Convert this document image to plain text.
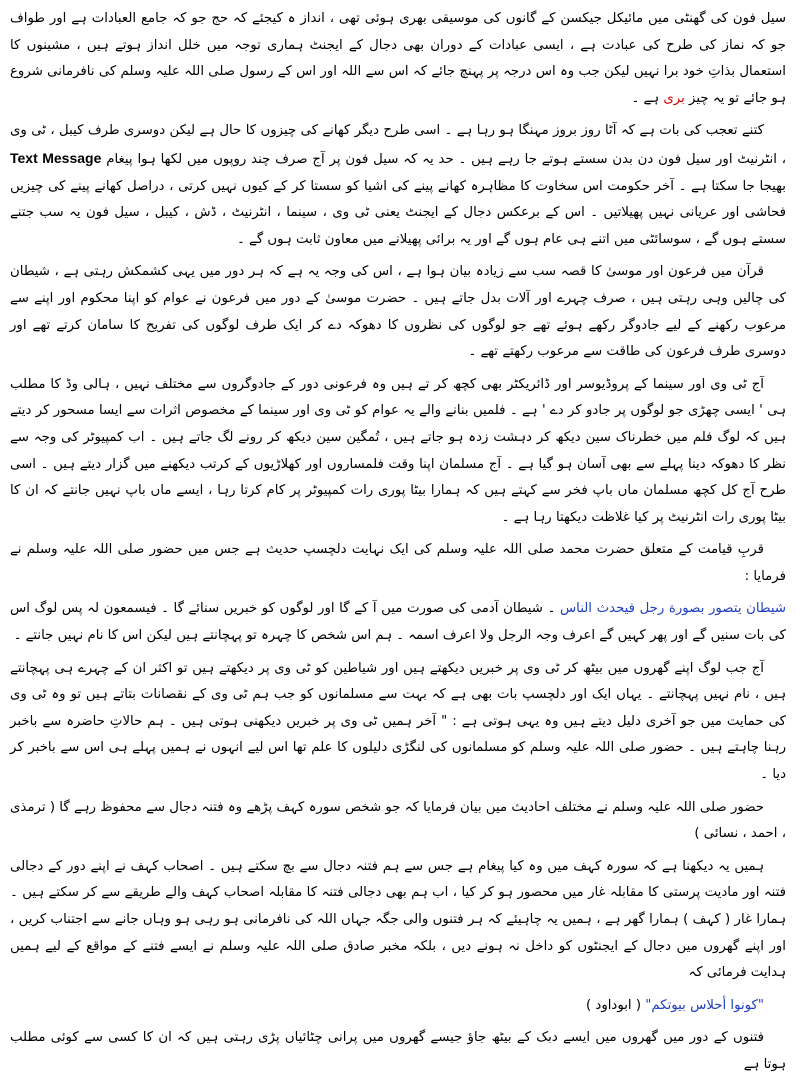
سیل فون کی گھنٹی میں مائیکل جیکسن کے گانوں کی موسیقی بھری ہوئی تھی ، انداز ہ کیجئے کہ حج جو کہ جامع العبادات ہے اور طواف جو کہ نماز کی طرح کی عبادت ہے ، ایسی عبادات کے دوران بھی دجال کے ایجنٹ ہماری توجہ میں خلل انداز ہوتے ہیں ، مشینوں کا استعمال بذاتِ خود برا نہیں لیکن جب وہ اس درجہ پر پہنچ جائے کہ اس سے اللہ اور اس کے رسول صلی اللہ علیہ وسلم کی نافرمانی شروع ہو جائے تو یہ چیز بری ہے ۔

کتنے تعجب کی بات ہے کہ آٹا روز بروز مہنگا ہو رہا ہے ۔ اسی طرح دیگر کھانے کی چیزوں کا حال ہے لیکن دوسری طرف کیبل ، ٹی وی ، انٹرنیٹ اور سیل فون دن بدن سستے ہوتے جا رہے ہیں ۔ حد یہ کہ سیل فون پر آج صرف چند روپوں میں لکھا ہوا پیغام Text Message بھیجا جا سکتا ہے ۔ آخر حکومت اس سخاوت کا مظاہرہ کھانے پینے کی اشیا کو سستا کر کے کیوں نہیں کرتی ، دراصل کھانے پینے کی چیزیں فحاشی اور عریانی نہیں پھیلاتیں ۔ اس کے برعکس دجال کے ایجنٹ یعنی ٹی وی ، سینما ، انٹرنیٹ ، ڈش ، کیبل ، سیل فون یہ سب جتنے سستے ہوں گے ، سوسائٹی میں اتنے ہی عام ہوں گے اور یہ برائی پھیلانے میں معاون ثابت ہوں گے ۔

قرآن میں فرعون اور موسیٰ کا قصہ سب سے زیادہ بیان ہوا ہے ، اس کی وجہ یہ ہے کہ ہر دور میں یہی کشمکش رہتی ہے ، شیطان کی چالیں وہی رہتی ہیں ، صرف چہرے اور آلات بدل جاتے ہیں ۔ حضرت موسیٰ کے دور میں فرعون نے عوام کو اپنا محکوم اور اپنے سے مرعوب رکھنے کے لیے جادوگر رکھے ہوئے تھے جو لوگوں کی نظروں کا دھوکہ دے کر ایک طرف لوگوں کی تفریح کا سامان کرتے تھے اور دوسری طرف فرعون کی طاقت سے مرعوب رکھتے تھے ۔

آج ٹی وی اور سینما کے پروڈیوسر اور ڈائریکٹر بھی کچھ کر تے ہیں وہ فرعونی دور کے جادوگروں سے مختلف نہیں ، ہالی وڈ کا مطلب ہی ' ایسی چھڑی جو لوگوں پر جادو کر دے ' ہے ۔ فلمیں بنانے والے یہ عوام کو ٹی وی اور سینما کے مخصوص اثرات سے ایسا مسحور کر دیتے ہیں کہ لوگ فلم میں خطرناک سین دیکھ کر دہشت زدہ ہو جاتے ہیں ، تُمگین سین دیکھ کر رونے لگ جاتے ہیں ۔ اب کمپیوٹر کی وجہ سے نظر کا دھوکہ دینا پہلے سے بھی آسان ہو گیا ہے ۔ آج مسلمان اپنا وقت فلمساروں اور کھلاڑیوں کے کرتب دیکھنے میں گزار دیتے ہیں ۔ اسی طرح آج کل کچھ مسلمان ماں باپ فخر سے کہتے ہیں کہ ہمارا بیٹا پوری رات کمپیوٹر پر کام کرتا رہا ، ایسے ماں باپ نہیں جانتے کہ ان کا بیٹا پوری رات انٹرنیٹ پر کیا غلاظت دیکھتا رہا ہے ۔

قربِ قیامت کے متعلق حضرت محمد صلی اللہ علیہ وسلم کی ایک نہایت دلچسپ حدیث ہے جس میں حضور صلی اللہ علیہ وسلم نے فرمایا :

شيطان يتصور بصورة رجل فيحدث الناس ۔ شیطان آدمی کی صورت میں آ کے گا اور لوگوں کو خبریں سنائے گا ۔ فیسمعون لہ پس لوگ اس کی بات سنیں گے اور پھر کہیں گے اعرف وجہ الرجل ولا اعرف اسمہ ۔ ہم اس شخص کا چہرہ تو پہچانتے ہیں لیکن اس کا نام نہیں جانتے ۔

آج جب لوگ اپنے گھروں میں بیٹھ کر ٹی وی پر خبریں دیکھتے ہیں اور شیاطین کو ٹی وی پر دیکھتے ہیں تو اکثر ان کے چہرے ہی پہچانتے ہیں ، نام نہیں پہچانتے ۔ یہاں ایک اور دلچسپ بات بھی ہے کہ بہت سے مسلمانوں کو جب ہم ٹی وی کے نقصانات بتاتے ہیں تو وہ ٹی وی کی حمایت میں جو آخری دلیل دیتے ہیں وہ یہی ہوتی ہے : " آخر ہمیں ٹی وی پر خبریں دیکھنی ہوتی ہیں ۔ ہم حالاتِ حاضرہ سے باخبر رہنا چاہتے ہیں ۔ حضور صلی اللہ علیہ وسلم کو مسلمانوں کی لنگڑی دلیلوں کا علم تھا اس لیے انہوں نے ہمیں پہلے ہی اس سے باخبر کر دیا ۔

حضور صلی اللہ علیہ وسلم نے مختلف احادیث میں بیان فرمایا کہ جو شخص سورہ کہف پڑھے وہ فتنہ دجال سے محفوظ رہے گا ( ترمذی ، احمد ، نسائی )

ہمیں یہ دیکھنا ہے کہ سورہ کہف میں وہ کیا پیغام ہے جس سے ہم فتنہ دجال سے بچ سکتے ہیں ۔ اصحاب کہف نے اپنے دور کے دجالی فتنہ اور مادیت پرستی کا مقابلہ غار میں محصور ہو کر کیا ، اب ہم بھی دجالی فتنہ کا مقابلہ اصحاب کہف والے طریقے سے کر سکتے ہیں ۔ ہمارا غار ( کہف ) ہمارا گھر ہے ، ہمیں یہ چاہیئے کہ ہر فتنوں والی جگہ جہاں اللہ کی نافرمانی ہو رہی ہو وہاں جانے سے اجتناب کریں ، اور اپنے گھروں میں دجال کے ایجنٹوں کو داخل نہ ہونے دیں ، بلکہ مخبر صادق صلی اللہ علیہ وسلم نے ایسے فتنے کے مواقع کے لیے ہمیں ہدایت فرمائی کہ

"كونوا أحلاس بيوتكم" ( ابوداود )

فتنوں کے دور میں گھروں میں ایسے دبک کے بیٹھ جاؤ جیسے گھروں میں پرانی چٹائیاں پڑی رہتی ہیں کہ ان کا کسی سے کوئی مطلب ہوتا ہے
